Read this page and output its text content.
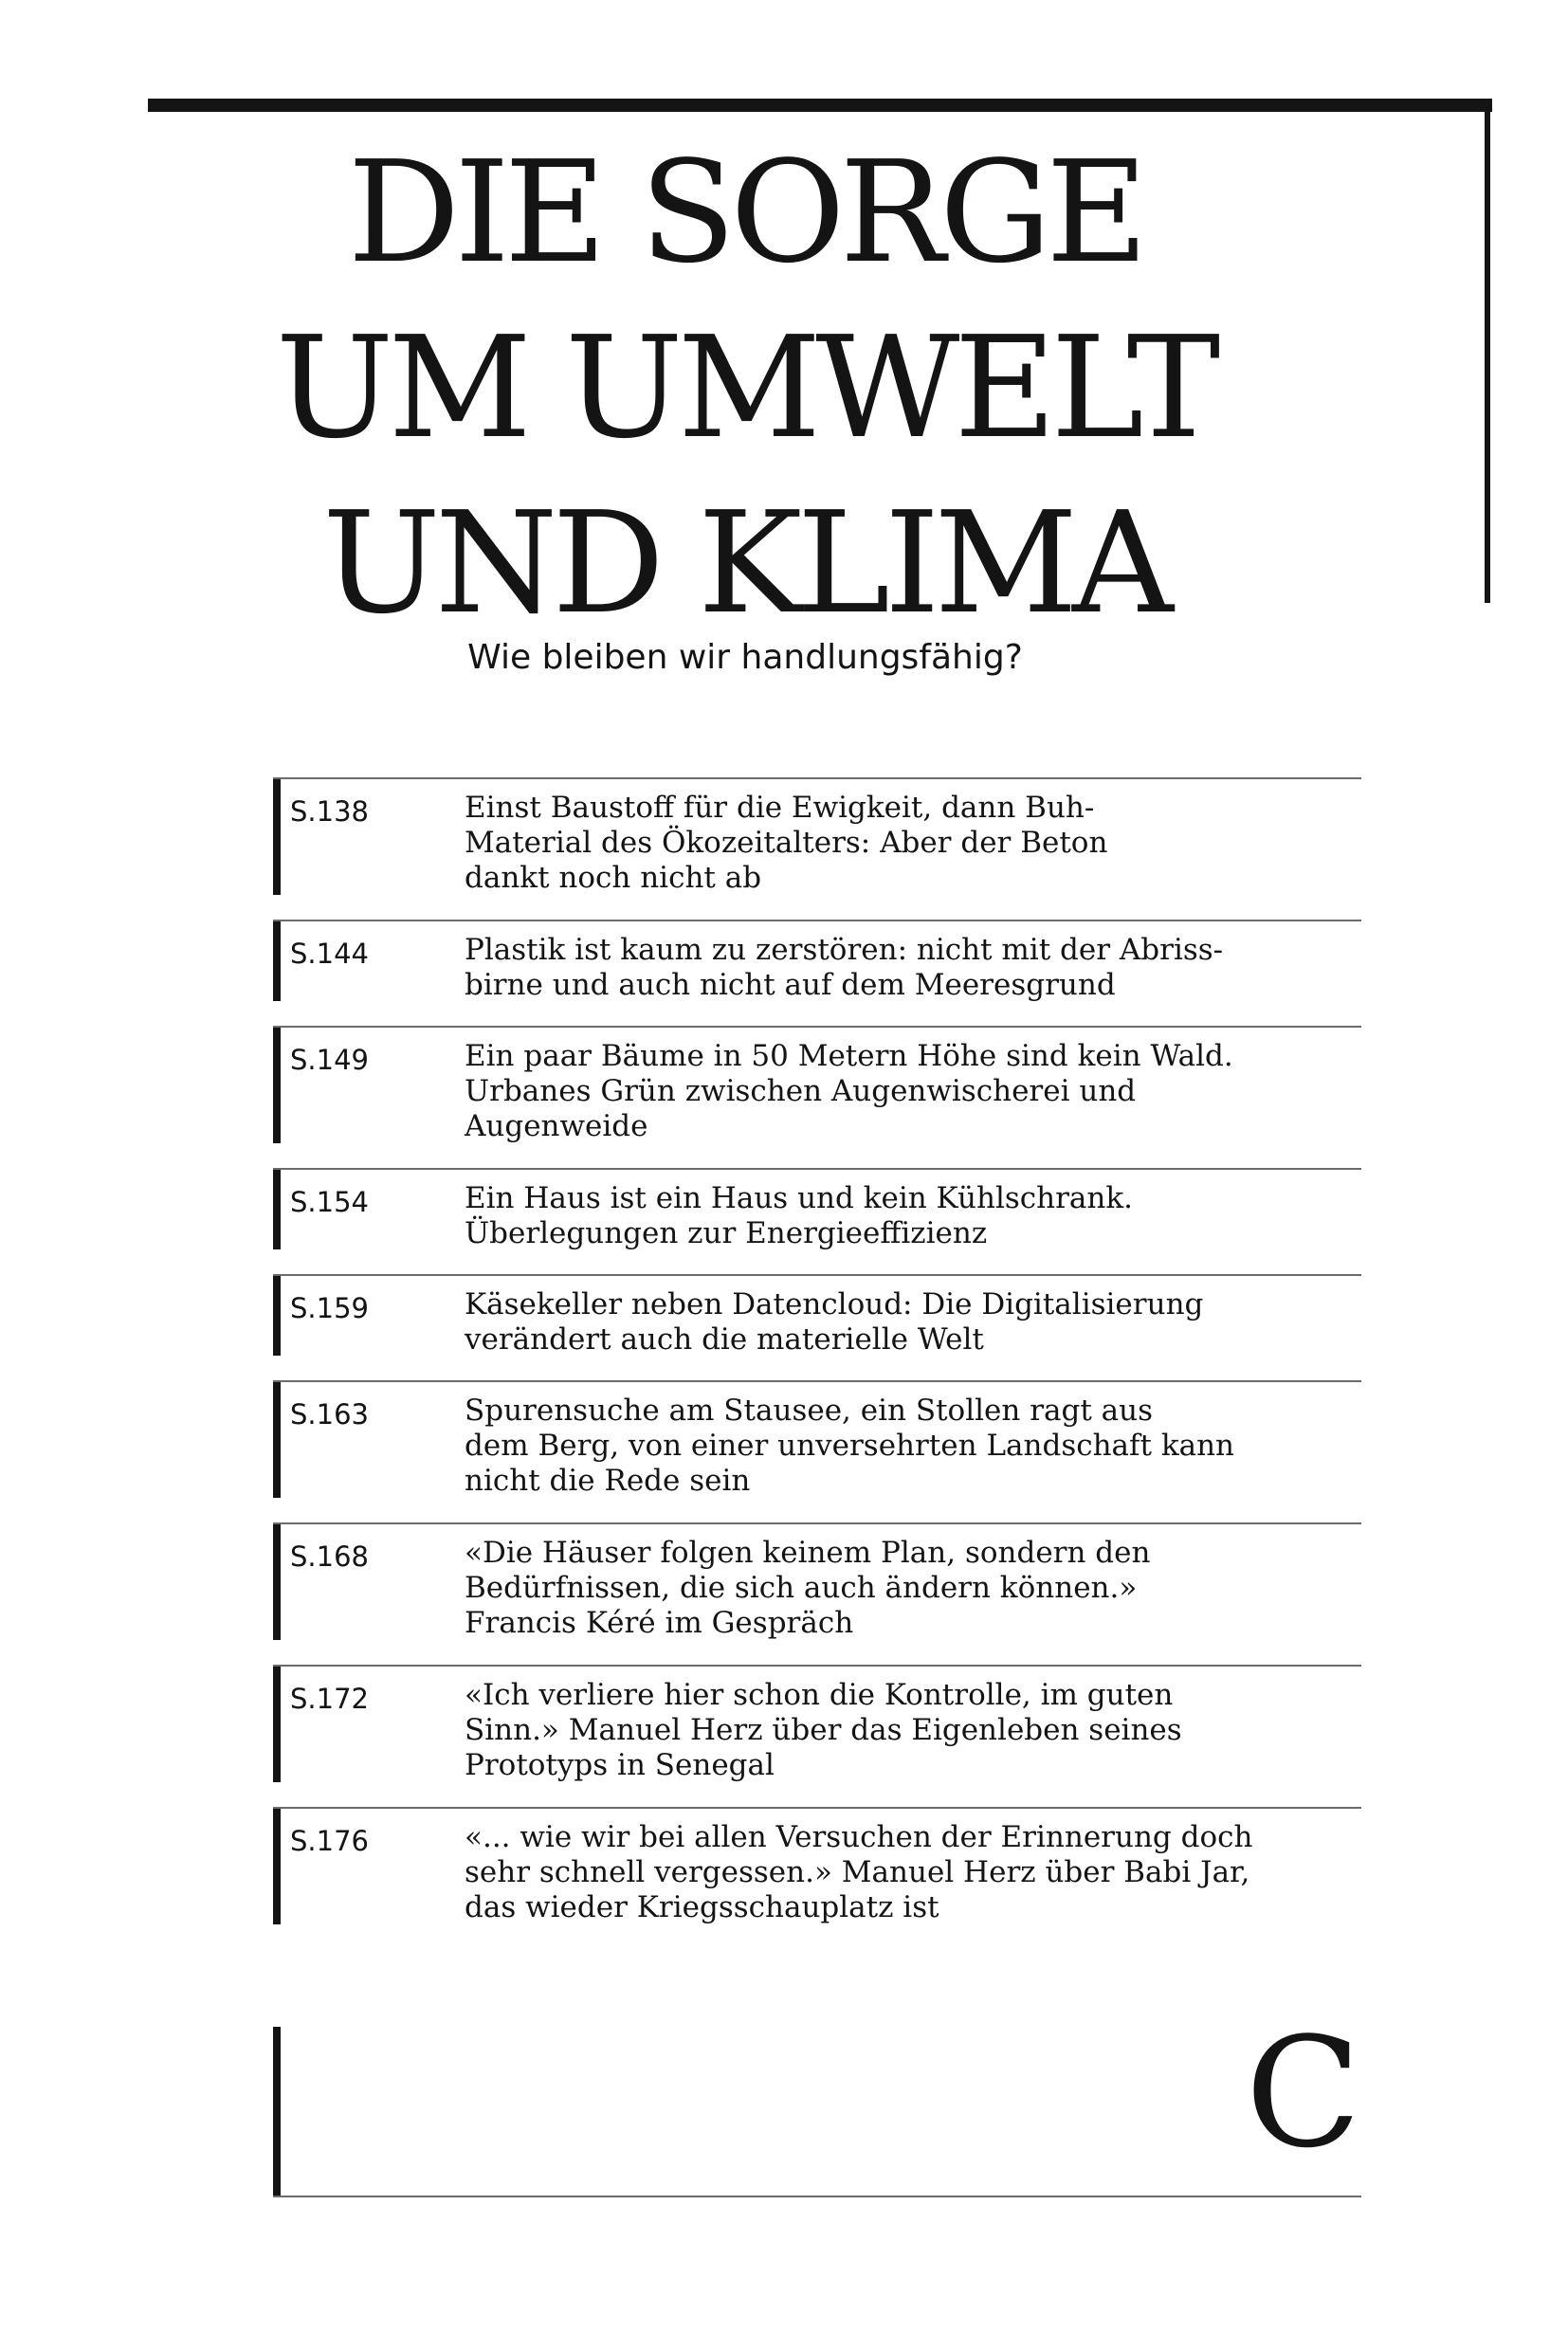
DIE SORGE
UM UMWELT
UND KLIMA
Wie bleiben wir handlungsfähig?
S.138	Einst Baustoff für die Ewigkeit, dann Buh-
Material des Ökozeitalters: Aber der Beton
dankt noch nicht ab
S.144	Plastik ist kaum zu zerstören: nicht mit der Abriss-
birne und auch nicht auf dem Meeresgrund
S.149	Ein paar Bäume in 50 Metern Höhe sind kein Wald.
Urbanes Grün zwischen Augenwischerei und
Augenweide
S.154	Ein Haus ist ein Haus und kein Kühlschrank.
Überlegungen zur Energieeffizienz
S.159	Käsekeller neben Datencloud: Die Digitalisierung
verändert auch die materielle Welt
S.163	Spurensuche am Stausee, ein Stollen ragt aus
dem Berg, von einer unversehrten Landschaft kann
nicht die Rede sein
S.168	«Die Häuser folgen keinem Plan, sondern den
Bedürfnissen, die sich auch ändern können.»
Francis Kéré im Gespräch
S.172	«Ich verliere hier schon die Kontrolle, im guten
Sinn.» Manuel Herz über das Eigenleben seines
Prototyps in Senegal
S.176	«... wie wir bei allen Versuchen der Erinnerung doch
sehr schnell vergessen.» Manuel Herz über Babi Jar,
das wieder Kriegsschauplatz ist
C
